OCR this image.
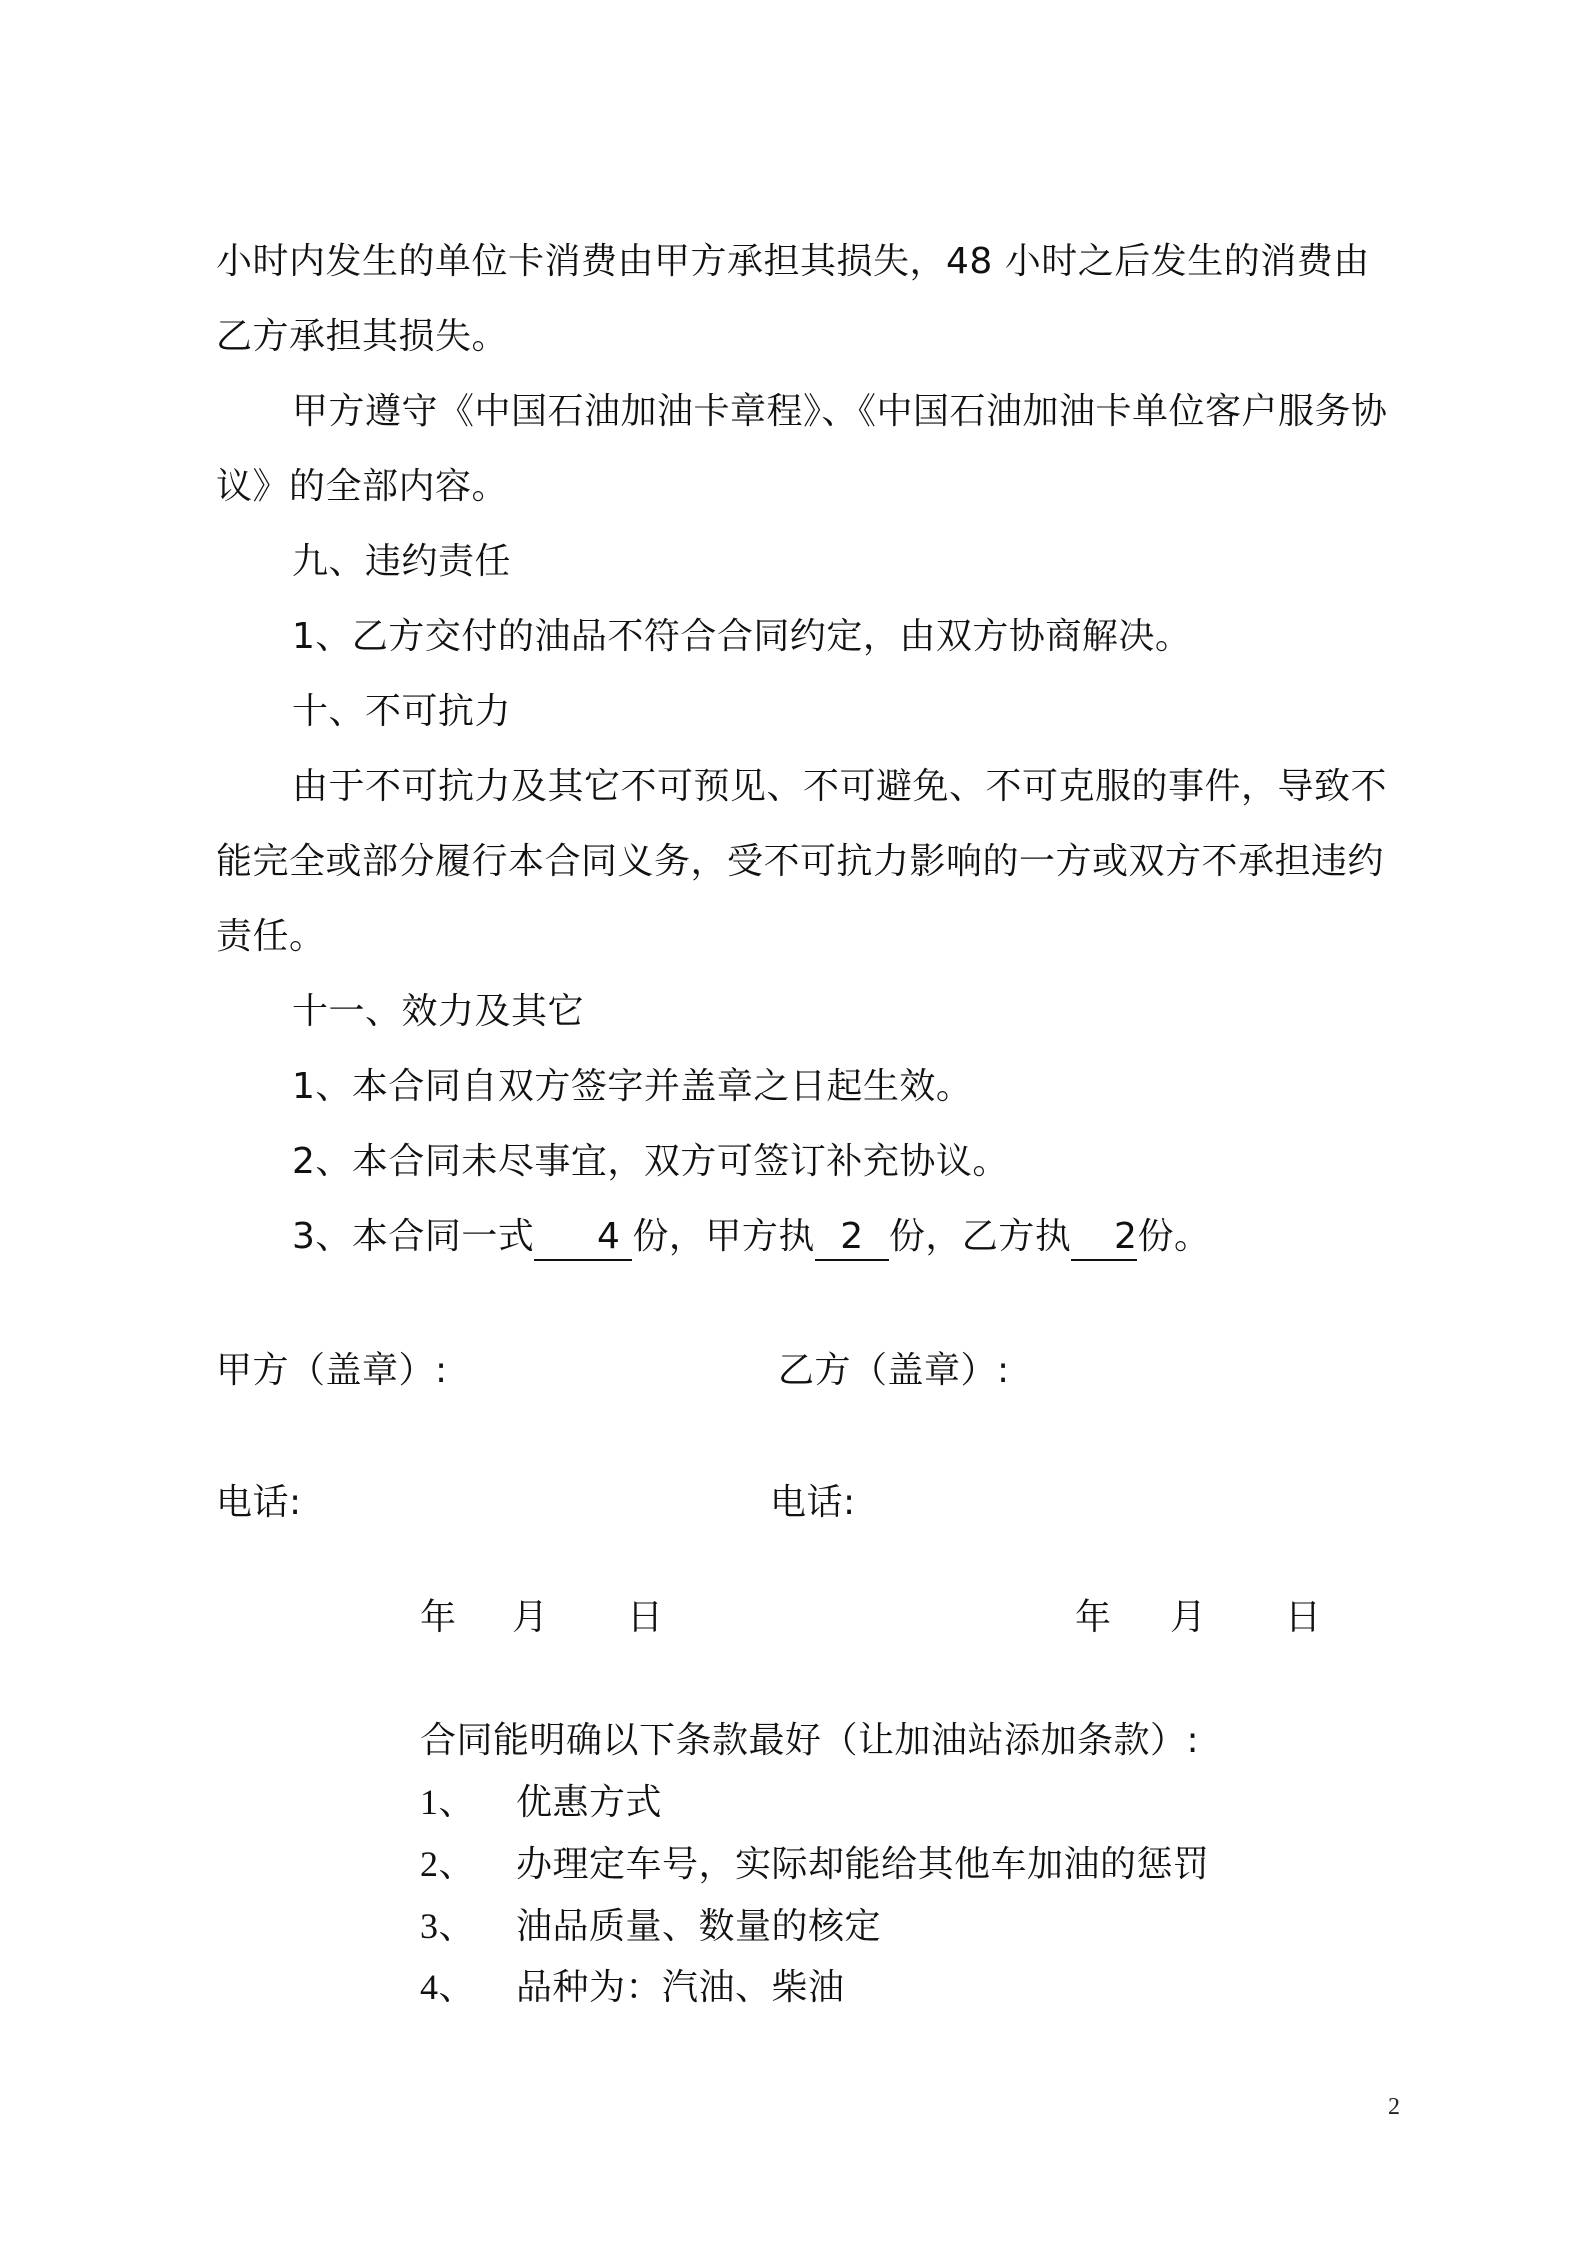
小时内发生的单位卡消费由甲方承担其损失，48 小时之后发生的消费由
乙方承担其损失。
甲方遵守《中国石油加油卡章程》、《中国石油加油卡单位客户服务协
议》的全部内容。
九、违约责任
1、乙方交付的油品不符合合同约定，由双方协商解决。
十、不可抗力
由于不可抗力及其它不可预见、不可避免、不可克服的事件，导致不
能完全或部分履行本合同义务，受不可抗力影响的一方或双方不承担违约
责任。
十一、效力及其它
1、本合同自双方签字并盖章之日起生效。
2、本合同未尽事宜，双方可签订补充协议。
3、本合同一式 4 份，甲方执 2 份，乙方执 2份。
甲方（盖章）:	乙方（盖章）:
电话:	电话:
年 月 日	年 月 日
合同能明确以下条款最好（让加油站添加条款）:
1、 优惠方式
2、 办理定车号，实际却能给其他车加油的惩罚
3、 油品质量、数量的核定
4、 品种为：汽油、柴油
2
